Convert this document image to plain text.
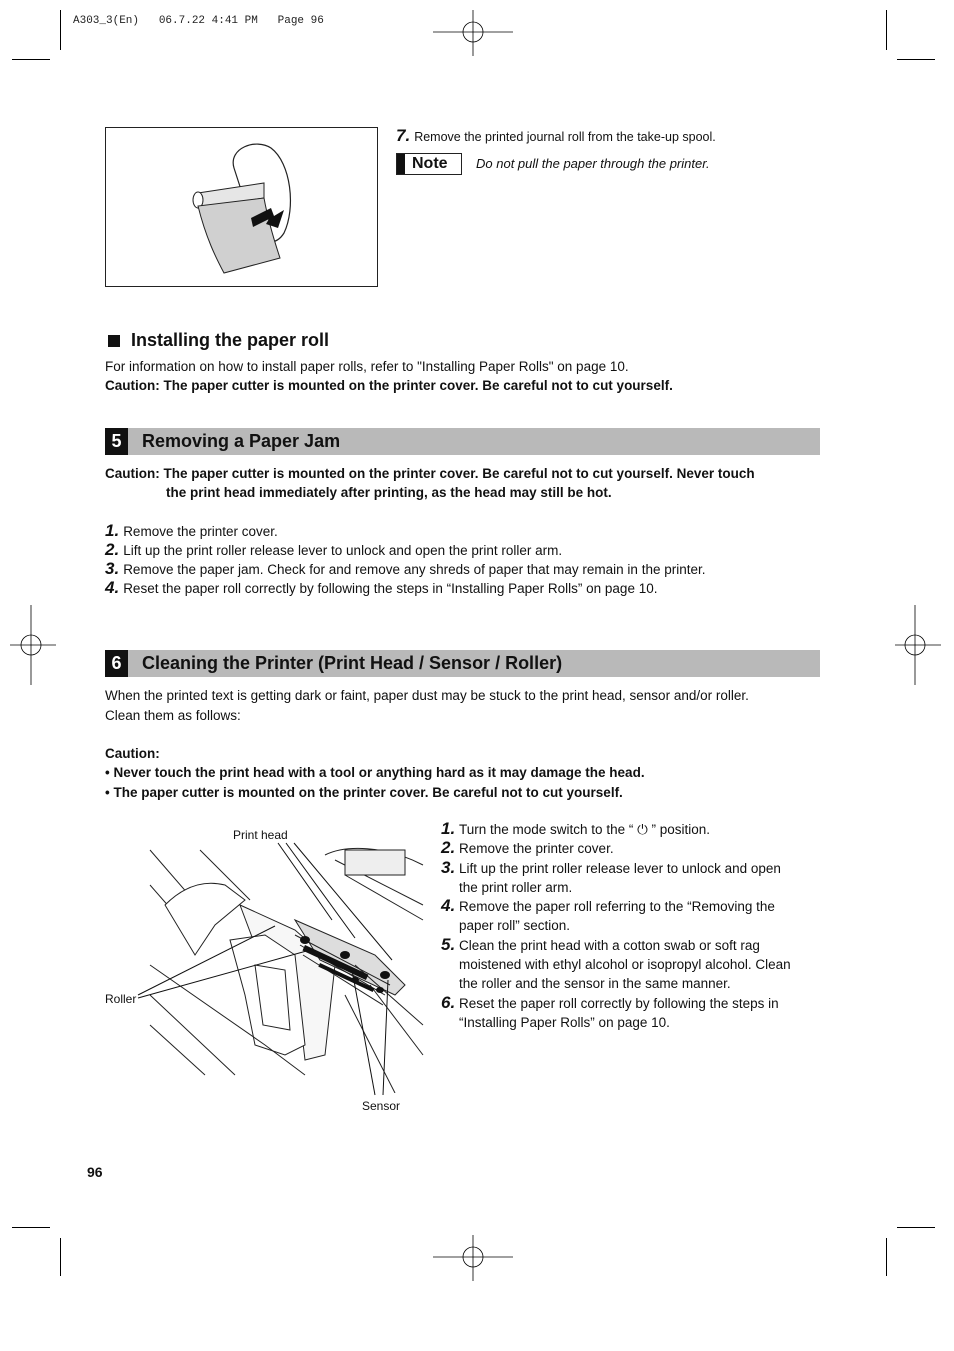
A303_3(En)   06.7.22 4:41 PM   Page 96
7. Remove the printed journal roll from the take-up spool.
Note Do not pull the paper through the printer.
Installing the paper roll
For information on how to install paper rolls, refer to "Installing Paper Rolls" on page 10.
Caution: The paper cutter is mounted on the printer cover. Be careful not to cut yourself.
5	Removing a Paper Jam
Caution: The paper cutter is mounted on the printer cover. Be careful not to cut yourself. Never touch
the print head immediately after printing, as the head may still be hot.
1. Remove the printer cover.
2. Lift up the print roller release lever to unlock and open the print roller arm.
3. Remove the paper jam. Check for and remove any shreds of paper that may remain in the printer.
4. Reset the paper roll correctly by following the steps in “Installing Paper Rolls” on page 10.
6	Cleaning the Printer (Print Head / Sensor / Roller)
When the printed text is getting dark or faint, paper dust may be stuck to the print head, sensor and/or roller.
Clean them as follows:
Caution:
• Never touch the print head with a tool or anything hard as it may damage the head.
• The paper cutter is mounted on the printer cover. Be careful not to cut yourself.
Print head
Roller
Sensor
1. Turn the mode switch to the “ ⏻ ” position.
2. Remove the printer cover.
3. Lift up the print roller release lever to unlock and open
the print roller arm.
4. Remove the paper roll referring to the “Removing the
paper roll” section.
5. Clean the print head with a cotton swab or soft rag
moistened with ethyl alcohol or isopropyl alcohol. Clean
the roller and the sensor in the same manner.
6. Reset the paper roll correctly by following the steps in
“Installing Paper Rolls” on page 10.
96
